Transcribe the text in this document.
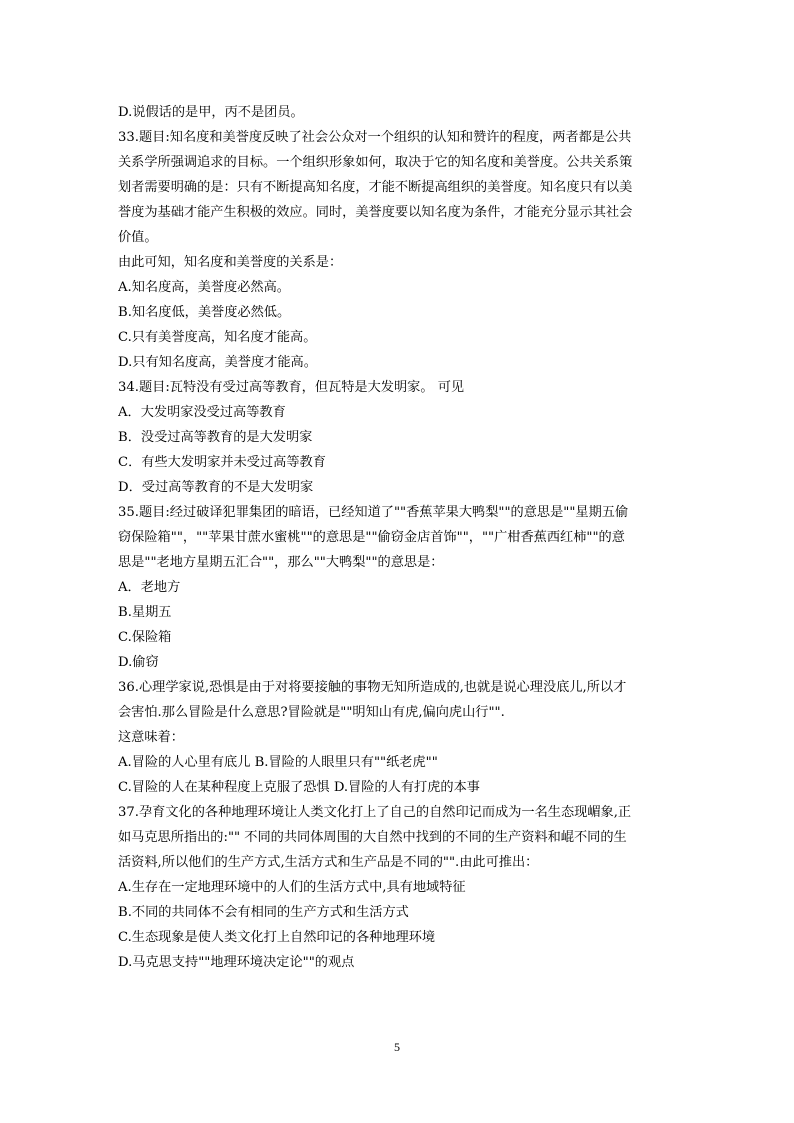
D.说假话的是甲，丙不是团员。
33.题目:知名度和美誉度反映了社会公众对一个组织的认知和赞许的程度，两者都是公共
关系学所强调追求的目标。一个组织形象如何，取决于它的知名度和美誉度。公共关系策
划者需要明确的是：只有不断提高知名度，才能不断提高组织的美誉度。知名度只有以美
誉度为基础才能产生积极的效应。同时，美誉度要以知名度为条件，才能充分显示其社会
价值。
由此可知，知名度和美誉度的关系是：
A.知名度高，美誉度必然高。
B.知名度低，美誉度必然低。
C.只有美誉度高，知名度才能高。
D.只有知名度高，美誉度才能高。
34.题目:瓦特没有受过高等教育，但瓦特是大发明家。 可见
A．大发明家没受过高等教育
B．没受过高等教育的是大发明家
C．有些大发明家并未受过高等教育
D．受过高等教育的不是大发明家
35.题目:经过破译犯罪集团的暗语，已经知道了""香蕉苹果大鸭梨""的意思是""星期五偷
窃保险箱""，""苹果甘蔗水蜜桃""的意思是""偷窃金店首饰""，""广柑香蕉西红柿""的意
思是""老地方星期五汇合""，那么""大鸭梨""的意思是：
A．老地方
B.星期五
C.保险箱
D.偷窃
36.心理学家说,恐惧是由于对将要接触的事物无知所造成的,也就是说心理没底儿,所以才
会害怕.那么冒险是什么意思?冒险就是""明知山有虎,偏向虎山行"".
这意味着：
A.冒险的人心里有底儿 B.冒险的人眼里只有""纸老虎""
C.冒险的人在某种程度上克服了恐惧 D.冒险的人有打虎的本事
37.孕育文化的各种地理环境让人类文化打上了自己的自然印记而成为一名生态现嵋象,正
如马克思所指出的:"" 不同的共同体周围的大自然中找到的不同的生产资料和崐不同的生
活资料,所以他们的生产方式,生活方式和生产品是不同的"".由此可推出：
A.生存在一定地理环境中的人们的生活方式中,具有地域特征
B.不同的共同体不会有相同的生产方式和生活方式
C.生态现象是使人类文化打上自然印记的各种地理环境
D.马克思支持""地理环境决定论""的观点
5
